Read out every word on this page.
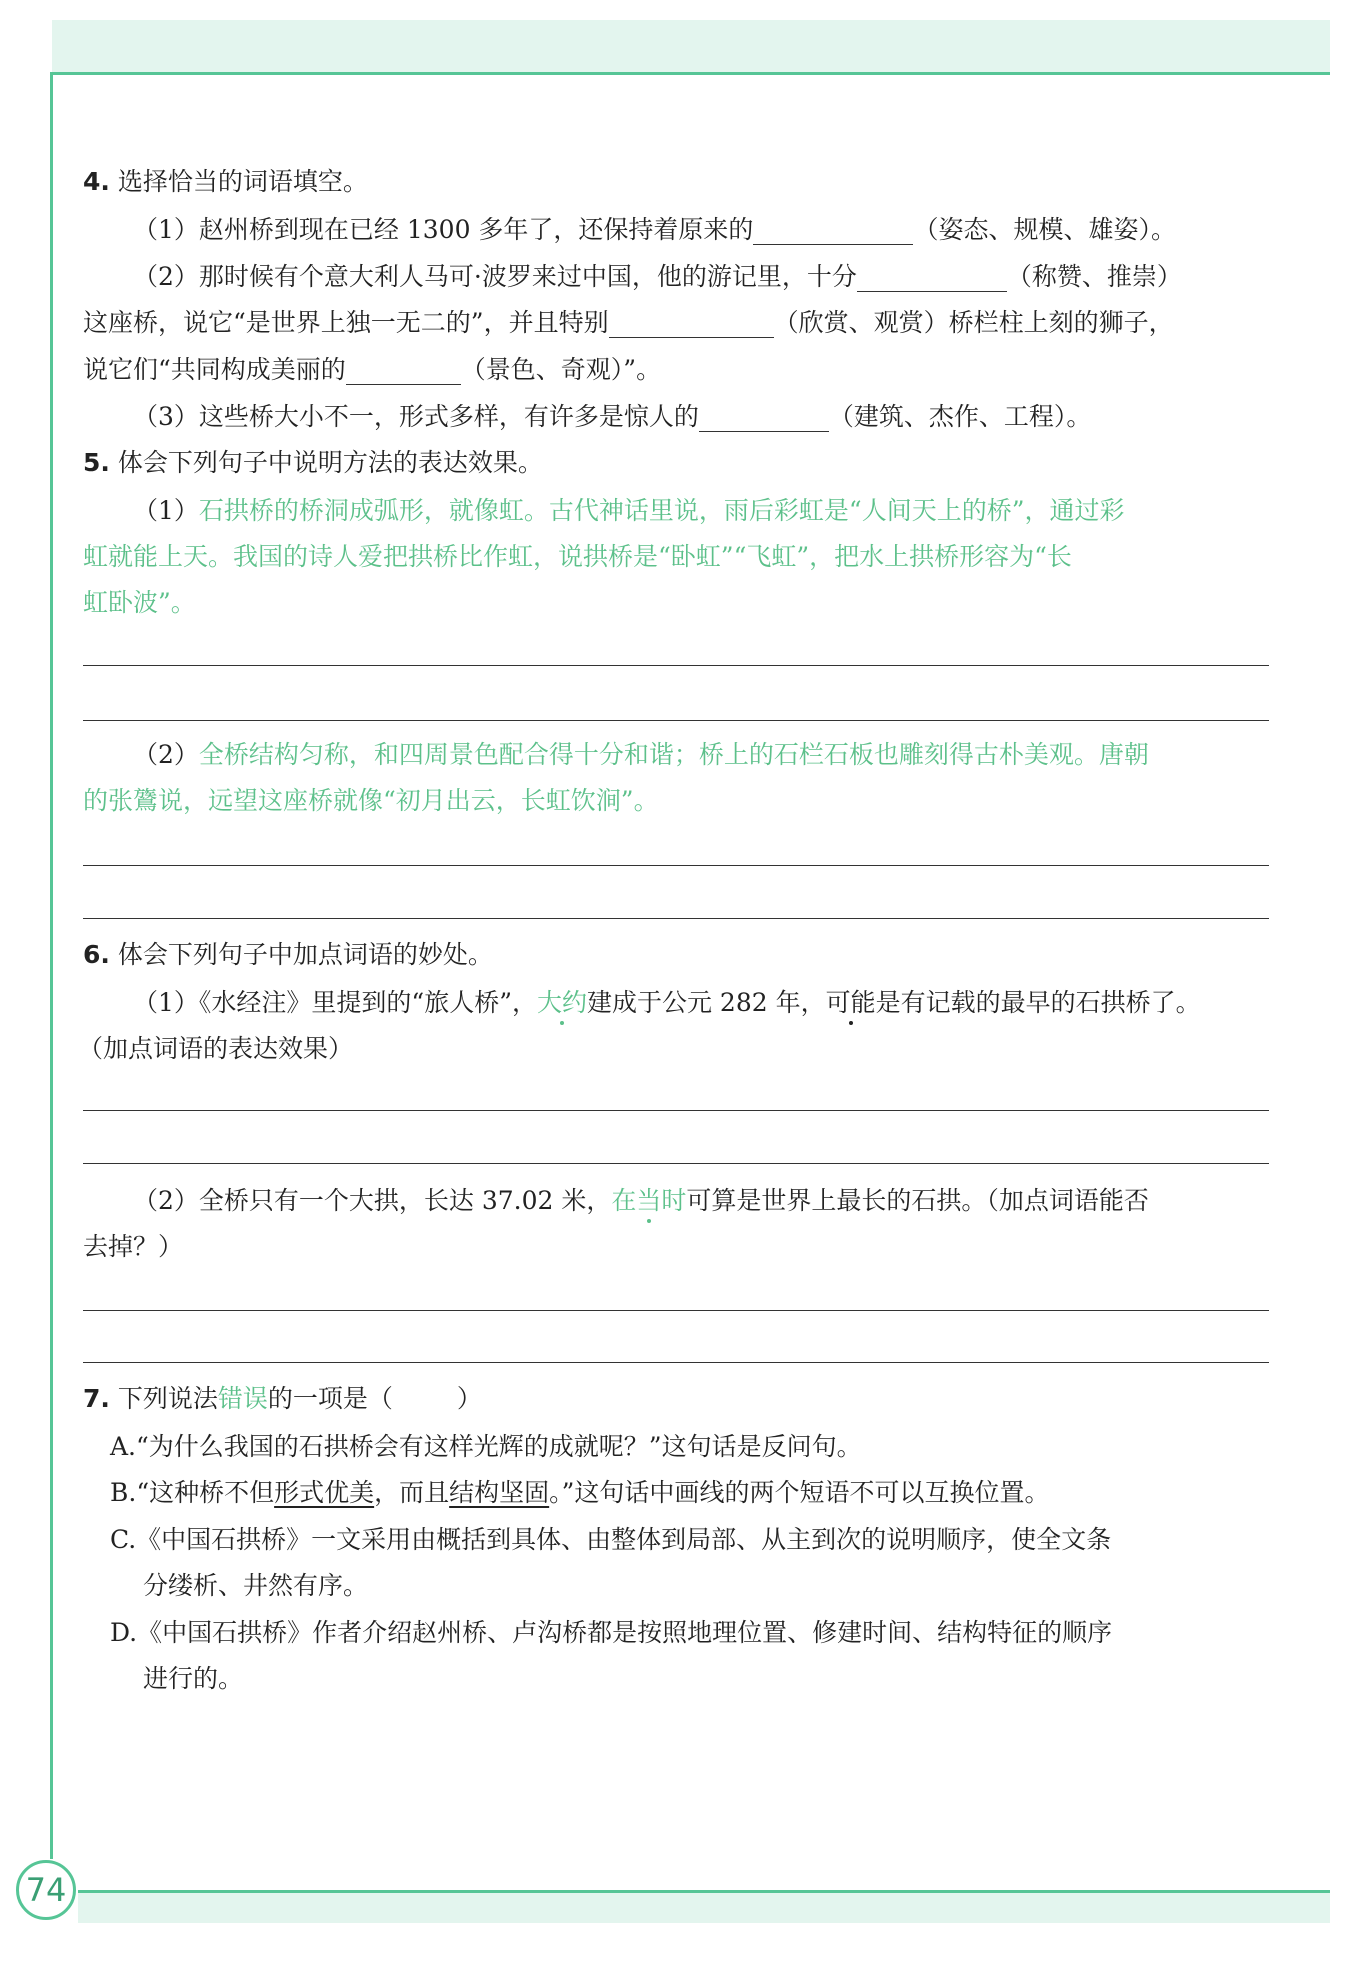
74
4. 选择恰当的词语填空。
（1）赵州桥到现在已经 1300 多年了，还保持着原来的	（姿态、规模、雄姿）。
（2）那时候有个意大利人马可·波罗来过中国，他的游记里，十分	（称赞、推崇）
这座桥，说它“是世界上独一无二的”，并且特别	（欣赏、观赏）桥栏柱上刻的狮子，
说它们“共同构成美丽的	（景色、奇观）”。
（3）这些桥大小不一，形式多样，有许多是惊人的	（建筑、杰作、工程）。
5. 体会下列句子中说明方法的表达效果。
（1）石拱桥的桥洞成弧形，就像虹。古代神话里说，雨后彩虹是“人间天上的桥”，通过彩
虹就能上天。我国的诗人爱把拱桥比作虹，说拱桥是“卧虹”“飞虹”，把水上拱桥形容为“长
虹卧波”。
（2）全桥结构匀称，和四周景色配合得十分和谐；桥上的石栏石板也雕刻得古朴美观。唐朝
的张鷟说，远望这座桥就像“初月出云，长虹饮涧”。
6. 体会下列句子中加点词语的妙处。
（1）《水经注》里提到的“旅人桥”，大约建成于公元 282 年，可能是有记载的最早的石拱桥了。
（加点词语的表达效果）
（2）全桥只有一个大拱，长达 37.02 米，在当时可算是世界上最长的石拱。（加点词语能否
去掉？）
7. 下列说法错误的一项是（	）
A.“为什么我国的石拱桥会有这样光辉的成就呢？”这句话是反问句。
B.“这种桥不但形式优美，而且结构坚固。”这句话中画线的两个短语不可以互换位置。
C.《中国石拱桥》一文采用由概括到具体、由整体到局部、从主到次的说明顺序，使全文条
分缕析、井然有序。
D.《中国石拱桥》作者介绍赵州桥、卢沟桥都是按照地理位置、修建时间、结构特征的顺序
进行的。
